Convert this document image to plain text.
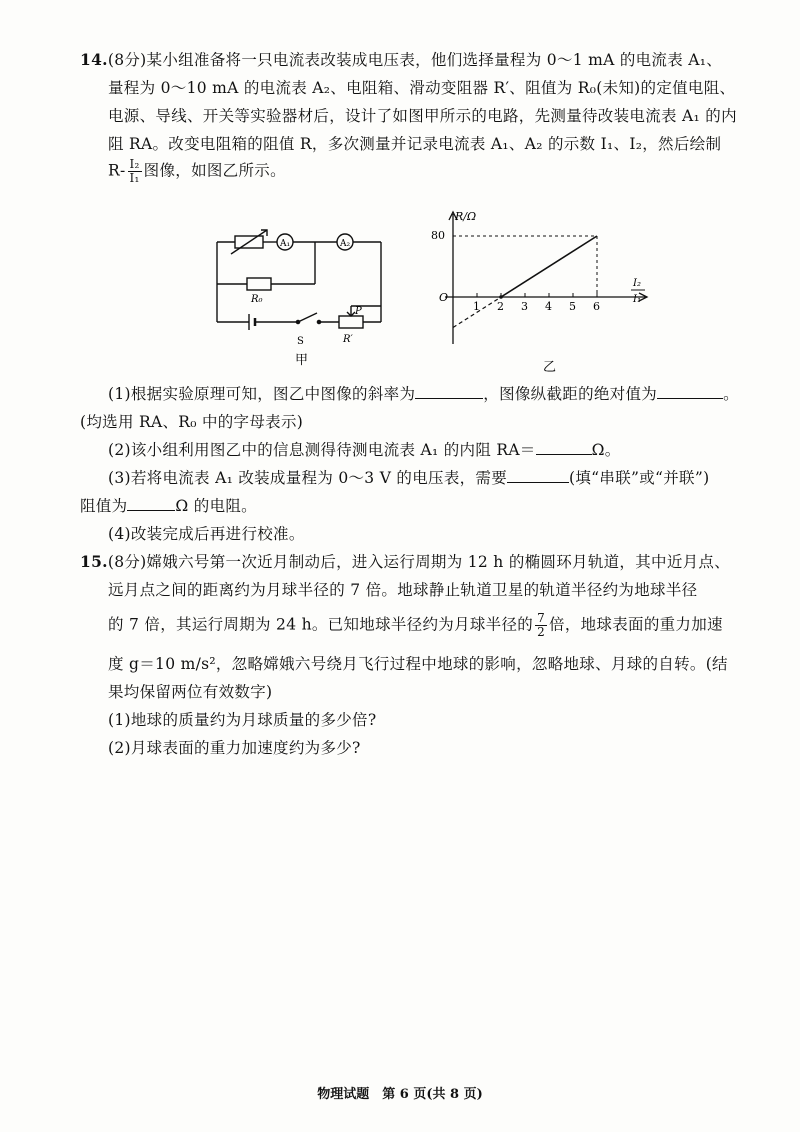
14.(8分)某小组准备将一只电流表改装成电压表，他们选择量程为 0～1 mA 的电流表 A₁、
量程为 0～10 mA 的电流表 A₂、电阻箱、滑动变阻器 R′、阻值为 R₀(未知)的定值电阻、
电源、导线、开关等实验器材后，设计了如图甲所示的电路，先测量待改装电流表 A₁ 的内
阻 RA。改变电阻箱的阻值 R，多次测量并记录电流表 A₁、A₂ 的示数 I₁、I₂，然后绘制
$R- \frac{\text{I₂}}{\text{I₁}}$ 图像，如图乙所示。
A₁	A₂
R₀
S
P
R′
甲
1 2 3 4 5 6
R/Ω
O
80
I₂
I₁
乙
(1)根据实验原理可知，图乙中图像的斜率为	，图像纵截距的绝对值为	。
(均选用 RA、R₀ 中的字母表示)
(2)该小组利用图乙中的信息测得待测电流表 A₁ 的内阻 RA＝	Ω。
(3)若将电流表 A₁ 改装成量程为 0～3 V 的电压表，需要	(填“串联”或“并联”)
阻值为	Ω 的电阻。
(4)改装完成后再进行校准。
15.(8分)嫦娥六号第一次近月制动后，进入运行周期为 12 h 的椭圆环月轨道，其中近月点、
远月点之间的距离约为月球半径的 7 倍。地球静止轨道卫星的轨道半径约为地球半径
的 7 倍，其运行周期为 24 h。已知地球半径约为月球半径的 $\frac{7}{2}$ 倍，地球表面的重力加速
度 g＝10 m/s²，忽略嫦娥六号绕月飞行过程中地球的影响，忽略地球、月球的自转。(结
果均保留两位有效数字)
(1)地球的质量约为月球质量的多少倍?
(2)月球表面的重力加速度约为多少?
物理试题　第 6 页(共 8 页)
